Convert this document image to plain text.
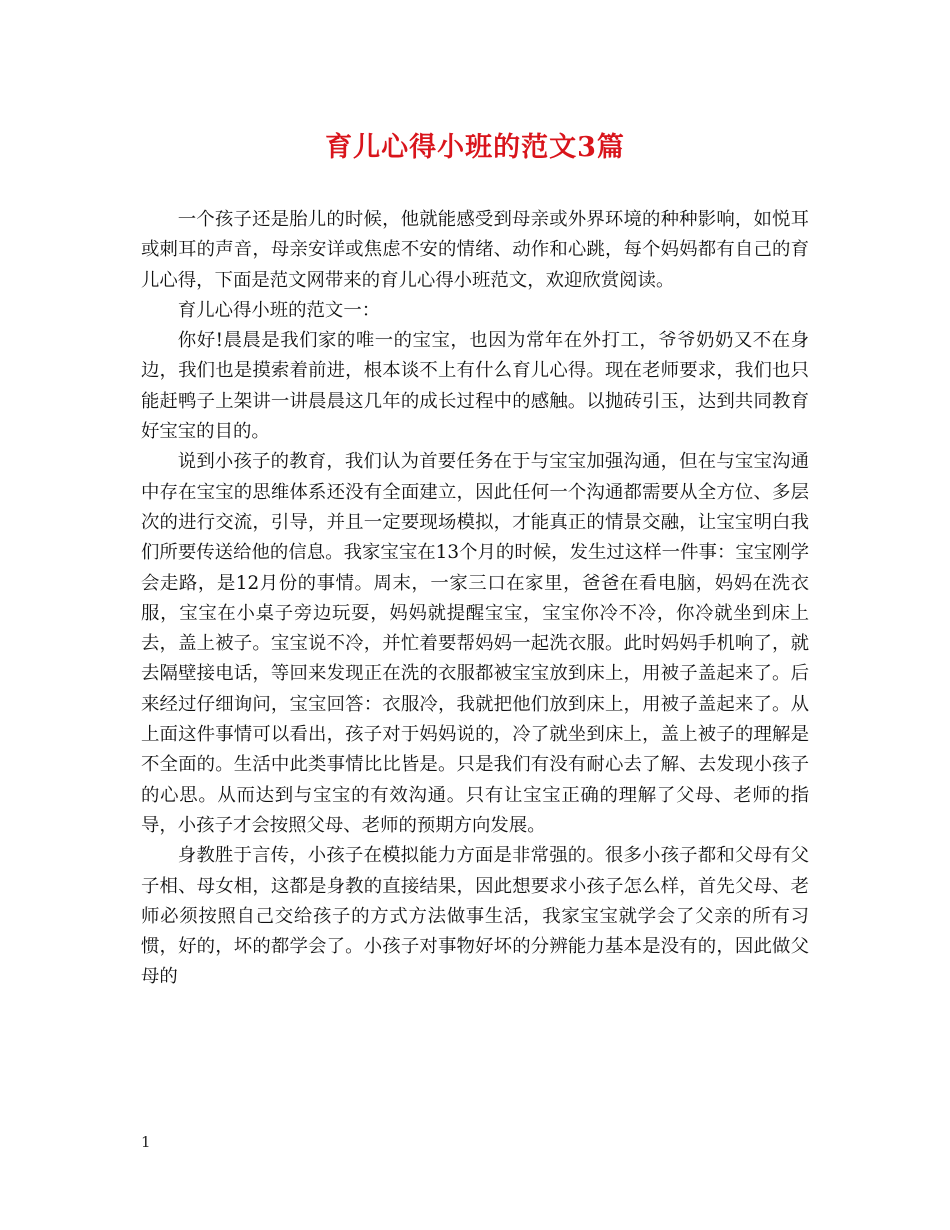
育儿心得小班的范文3篇

一个孩子还是胎儿的时候，他就能感受到母亲或外界环境的种种影响，如悦耳或刺耳的声音，母亲安详或焦虑不安的情绪、动作和心跳，每个妈妈都有自己的育儿心得，下面是范文网带来的育儿心得小班范文，欢迎欣赏阅读。

育儿心得小班的范文一：

你好!晨晨是我们家的唯一的宝宝，也因为常年在外打工，爷爷奶奶又不在身边，我们也是摸索着前进，根本谈不上有什么育儿心得。现在老师要求，我们也只能赶鸭子上架讲一讲晨晨这几年的成长过程中的感触。以抛砖引玉，达到共同教育好宝宝的目的。

说到小孩子的教育，我们认为首要任务在于与宝宝加强沟通，但在与宝宝沟通中存在宝宝的思维体系还没有全面建立，因此任何一个沟通都需要从全方位、多层次的进行交流，引导，并且一定要现场模拟，才能真正的情景交融，让宝宝明白我们所要传送给他的信息。我家宝宝在13个月的时候，发生过这样一件事：宝宝刚学会走路，是12月份的事情。周末，一家三口在家里，爸爸在看电脑，妈妈在洗衣服，宝宝在小桌子旁边玩耍，妈妈就提醒宝宝，宝宝你冷不冷，你冷就坐到床上去，盖上被子。宝宝说不冷，并忙着要帮妈妈一起洗衣服。此时妈妈手机响了，就去隔壁接电话，等回来发现正在洗的衣服都被宝宝放到床上，用被子盖起来了。后来经过仔细询问，宝宝回答：衣服冷，我就把他们放到床上，用被子盖起来了。从上面这件事情可以看出，孩子对于妈妈说的，冷了就坐到床上，盖上被子的理解是不全面的。生活中此类事情比比皆是。只是我们有没有耐心去了解、去发现小孩子的心思。从而达到与宝宝的有效沟通。只有让宝宝正确的理解了父母、老师的指导，小孩子才会按照父母、老师的预期方向发展。

身教胜于言传，小孩子在模拟能力方面是非常强的。很多小孩子都和父母有父子相、母女相，这都是身教的直接结果，因此想要求小孩子怎么样，首先父母、老师必须按照自己交给孩子的方式方法做事生活，我家宝宝就学会了父亲的所有习惯，好的，坏的都学会了。小孩子对事物好坏的分辨能力基本是没有的，因此做父母的

1
